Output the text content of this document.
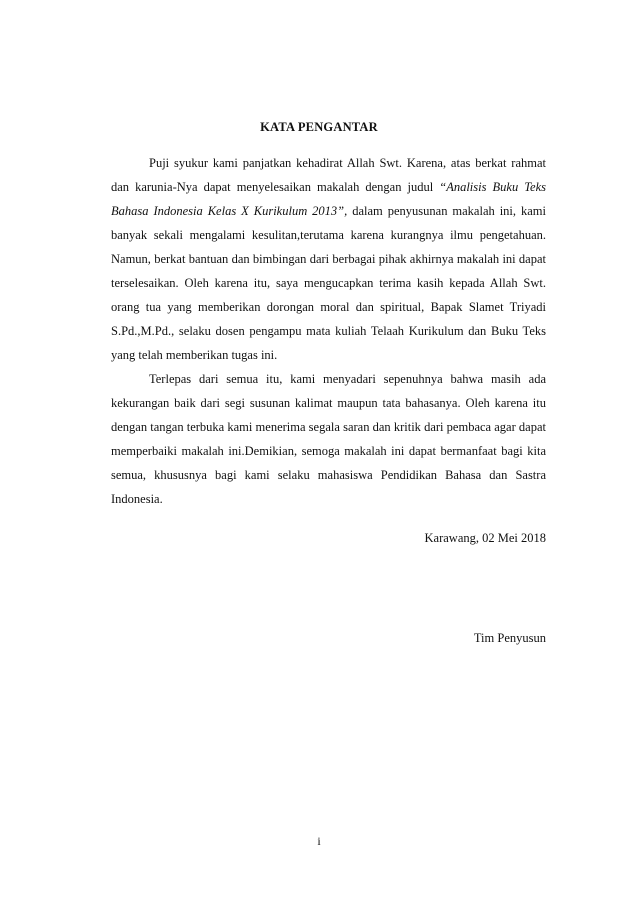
KATA PENGANTAR

Puji syukur kami panjatkan kehadirat Allah Swt. Karena, atas berkat rahmat dan karunia-Nya dapat menyelesaikan makalah dengan judul “Analisis Buku Teks Bahasa Indonesia Kelas X Kurikulum 2013”, dalam penyusunan makalah ini, kami banyak sekali mengalami kesulitan,terutama karena kurangnya ilmu pengetahuan. Namun, berkat bantuan dan bimbingan dari berbagai pihak akhirnya makalah ini dapat terselesaikan. Oleh karena itu, saya mengucapkan terima kasih kepada Allah Swt. orang tua yang memberikan dorongan moral dan spiritual, Bapak Slamet Triyadi S.Pd.,M.Pd., selaku dosen pengampu mata kuliah Telaah Kurikulum dan Buku Teks yang telah memberikan tugas ini.

Terlepas dari semua itu, kami menyadari sepenuhnya bahwa masih ada kekurangan baik dari segi susunan kalimat maupun tata bahasanya. Oleh karena itu dengan tangan terbuka kami menerima segala saran dan kritik dari pembaca agar dapat memperbaiki makalah ini.Demikian, semoga makalah ini dapat bermanfaat bagi kita semua, khususnya bagi kami selaku mahasiswa Pendidikan Bahasa dan Sastra Indonesia.

Karawang, 02 Mei 2018
Tim Penyusun
i
